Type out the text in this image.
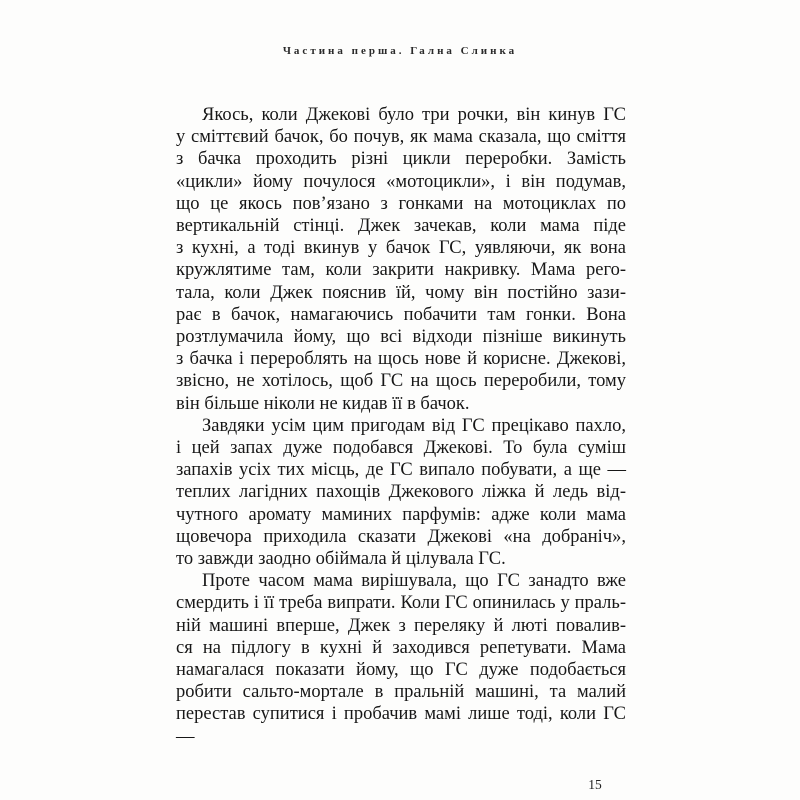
Частина перша. Гална Слинка
Якось, коли Джекові було три рочки, він кинув ГС
у сміттєвий бачок, бо почув, як мама сказала, що сміття
з бачка проходить різні цикли переробки. Замість
«цикли» йому почулося «мотоцикли», і він подумав,
що це якось пов’язано з гонками на мотоциклах по
вертикальній стінці. Джек зачекав, коли мама піде
з кухні, а тоді вкинув у бачок ГС, уявляючи, як вона
кружлятиме там, коли закрити накривку. Мама рего-
тала, коли Джек пояснив їй, чому він постійно зази-
рає в бачок, намагаючись побачити там гонки. Вона
розтлумачила йому, що всі відходи пізніше викинуть
з бачка і перероблять на щось нове й корисне. Джекові,
звісно, не хотілось, щоб ГС на щось переробили, тому
він більше ніколи не кидав її в бачок.
Завдяки усім цим пригодам від ГС прецікаво пахло,
і цей запах дуже подобався Джекові. То була суміш
запахів усіх тих місць, де ГС випало побувати, а ще —
теплих лагідних пахощів Джекового ліжка й ледь від-
чутного аромату маминих парфумів: адже коли мама
щовечора приходила сказати Джекові «на добраніч»,
то завжди заодно обіймала й цілувала ГС.
Проте часом мама вирішувала, що ГС занадто вже
смердить і її треба випрати. Коли ГС опинилась у праль-
ній машині вперше, Джек з переляку й люті повалив-
ся на підлогу в кухні й заходився репетувати. Мама
намагалася показати йому, що ГС дуже подобається
робити сальто-мортале в пральній машині, та малий
перестав супитися і пробачив мамі лише тоді, коли ГС —
15
